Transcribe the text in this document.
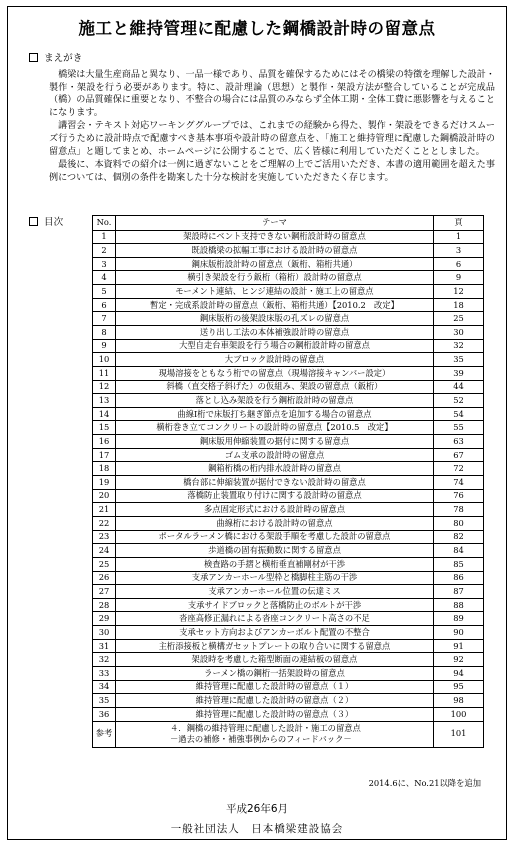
施工と維持管理に配慮した鋼橋設計時の留意点
まえがき

橋梁は大量生産商品と異なり、一品一様であり、品質を確保するためにはその橋梁の特徴を理解した設計・製作・架設を行う必要があります。特に、設計理論（思想）と製作・架設方法が整合していることが完成品（橋）の品質確保に重要となり、不整合の場合には品質のみならず全体工期・全体工費に悪影響を与えることになります。

講習会・テキスト対応ワーキンググループでは、これまでの経験から得た、製作・架設をできるだけスムーズ行うために設計時点で配慮すべき基本事項や設計時の留意点を、「施工と維持管理に配慮した鋼橋設計時の留意点」と題してまとめ、ホームページに公開することで、広く皆様に利用していただくこととしました。

最後に、本資料での紹介は一例に過ぎないことをご理解の上でご活用いただき、本書の適用範囲を超えた事例については、個別の条件を勘案した十分な検討を実施していただきたく存じます。

目次	No.	テーマ	頁
1	架設時にベント支持できない鋼桁設計時の留意点	1
2	既設橋梁の拡幅工事における設計時の留意点	3
3	鋼床版桁設計時の留意点（鈑桁、箱桁共通）	6
4	横引き架設を行う鈑桁（箱桁）設計時の留意点	9
5	モーメント連結、ヒンジ連結の設計・施工上の留意点	12
6	暫定・完成系設計時の留意点（鈑桁、箱桁共通）【2010.2　改定】	18
7	鋼床版桁の後架設床版の孔ズレの留意点	25
8	送り出し工法の本体補強設計時の留意点	30
9	大型自走台車架設を行う場合の鋼桁設計時の留意点	32
10	大ブロック設計時の留意点	35
11	現場溶接をともなう桁での留意点（現場溶接キャンバー設定）	39
12	斜橋（直交格子斜げた）の仮組み、架設の留意点（鈑桁）	44
13	落とし込み架設を行う鋼桁設計時の留意点	52
14	曲線I桁で床版打ち継ぎ節点を追加する場合の留意点	54
15	横桁巻き立てコンクリートの設計時の留意点【2010.5　改定】	55
16	鋼床版用伸縮装置の据付に関する留意点	63
17	ゴム支承の設計時の留意点	67
18	鋼箱桁橋の桁内排水設計時の留意点	72
19	橋台部に伸縮装置が据付できない設計時の留意点	74
20	落橋防止装置取り付けに関する設計時の留意点	76
21	多点固定形式における設計時の留意点	78
22	曲線桁における設計時の留意点	80
23	ポータルラーメン橋における架設手順を考慮した設計の留意点	82
24	歩道橋の固有振動数に関する留意点	84
25	検査路の手摺と横桁垂直補剛材が干渉	85
26	支承アンカーホール型枠と橋脚柱主筋の干渉	86
27	支承アンカーホール位置の伝達ミス	87
28	支承サイドブロックと落橋防止のボルトが干渉	88
29	沓座高修正漏れによる沓座コンクリート高さの不足	89
30	支承セット方向およびアンカーボルト配置の不整合	90
31	主桁添接板と横構ガセットプレートの取り合いに関する留意点	91
32	架設時を考慮した箱型断面の連結板の留意点	92
33	ラーメン橋の鋼桁一括架設時の留意点	94
34	維持管理に配慮した設計時の留意点（１）	95
35	維持管理に配慮した設計時の留意点（２）	98
36	維持管理に配慮した設計時の留意点（３）	100
参考	４．鋼橋の維持管理に配慮した設計・施工の留意点
－過去の補修・補強事例からのフィードバック－	101
2014.6に、No.21以降を追加
平成26年6月
一般社団法人　日本橋梁建設協会
